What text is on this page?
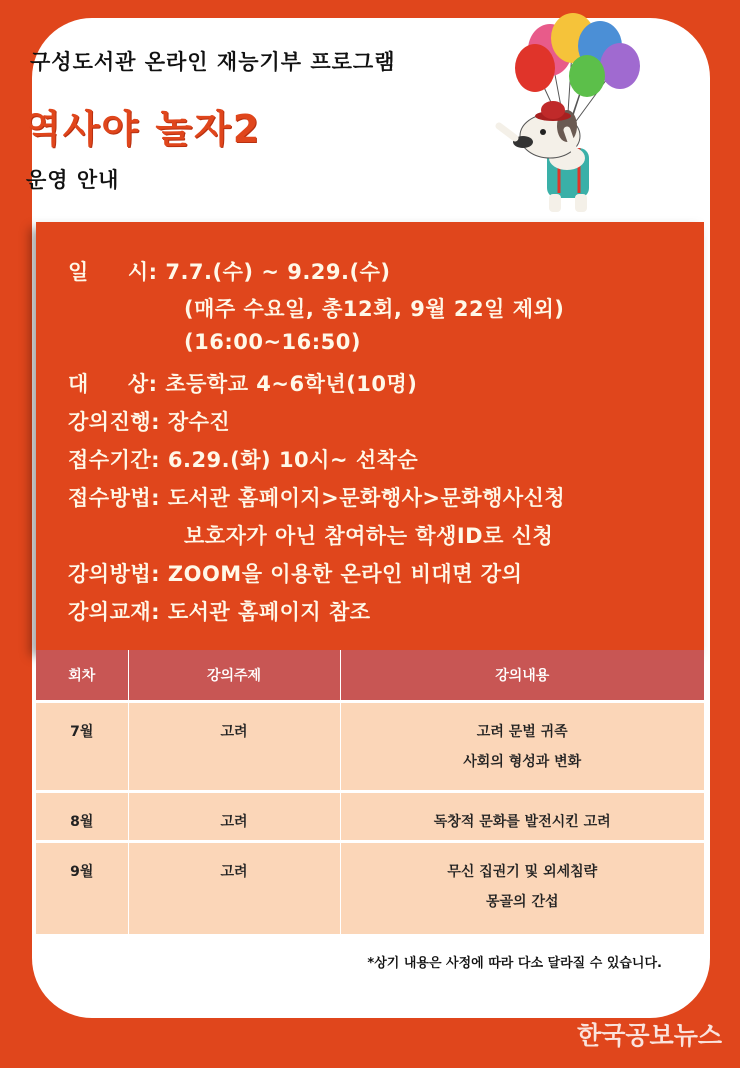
구성도서관 온라인 재능기부 프로그램
역사야 놀자2
운영 안내
일     시: 7.7.(수) ~ 9.29.(수)
(매주 수요일, 총12회, 9월 22일 제외)
(16:00~16:50)
대     상: 초등학교 4~6학년(10명)
강의진행: 장수진
접수기간: 6.29.(화) 10시~ 선착순
접수방법: 도서관 홈페이지>문화행사>문화행사신청
보호자가 아닌 참여하는 학생ID로 신청
강의방법: ZOOM을 이용한 온라인 비대면 강의
강의교재: 도서관 홈페이지 참조
회차	강의주제	강의내용
7월	고려	고려 문벌 귀족
사회의 형성과 변화

8월	고려	독창적 문화를 발전시킨 고려

9월	고려	무신 집권기 및 외세침략
몽골의 간섭
*상기 내용은 사정에 따라 다소 달라질 수 있습니다.
한국공보뉴스
